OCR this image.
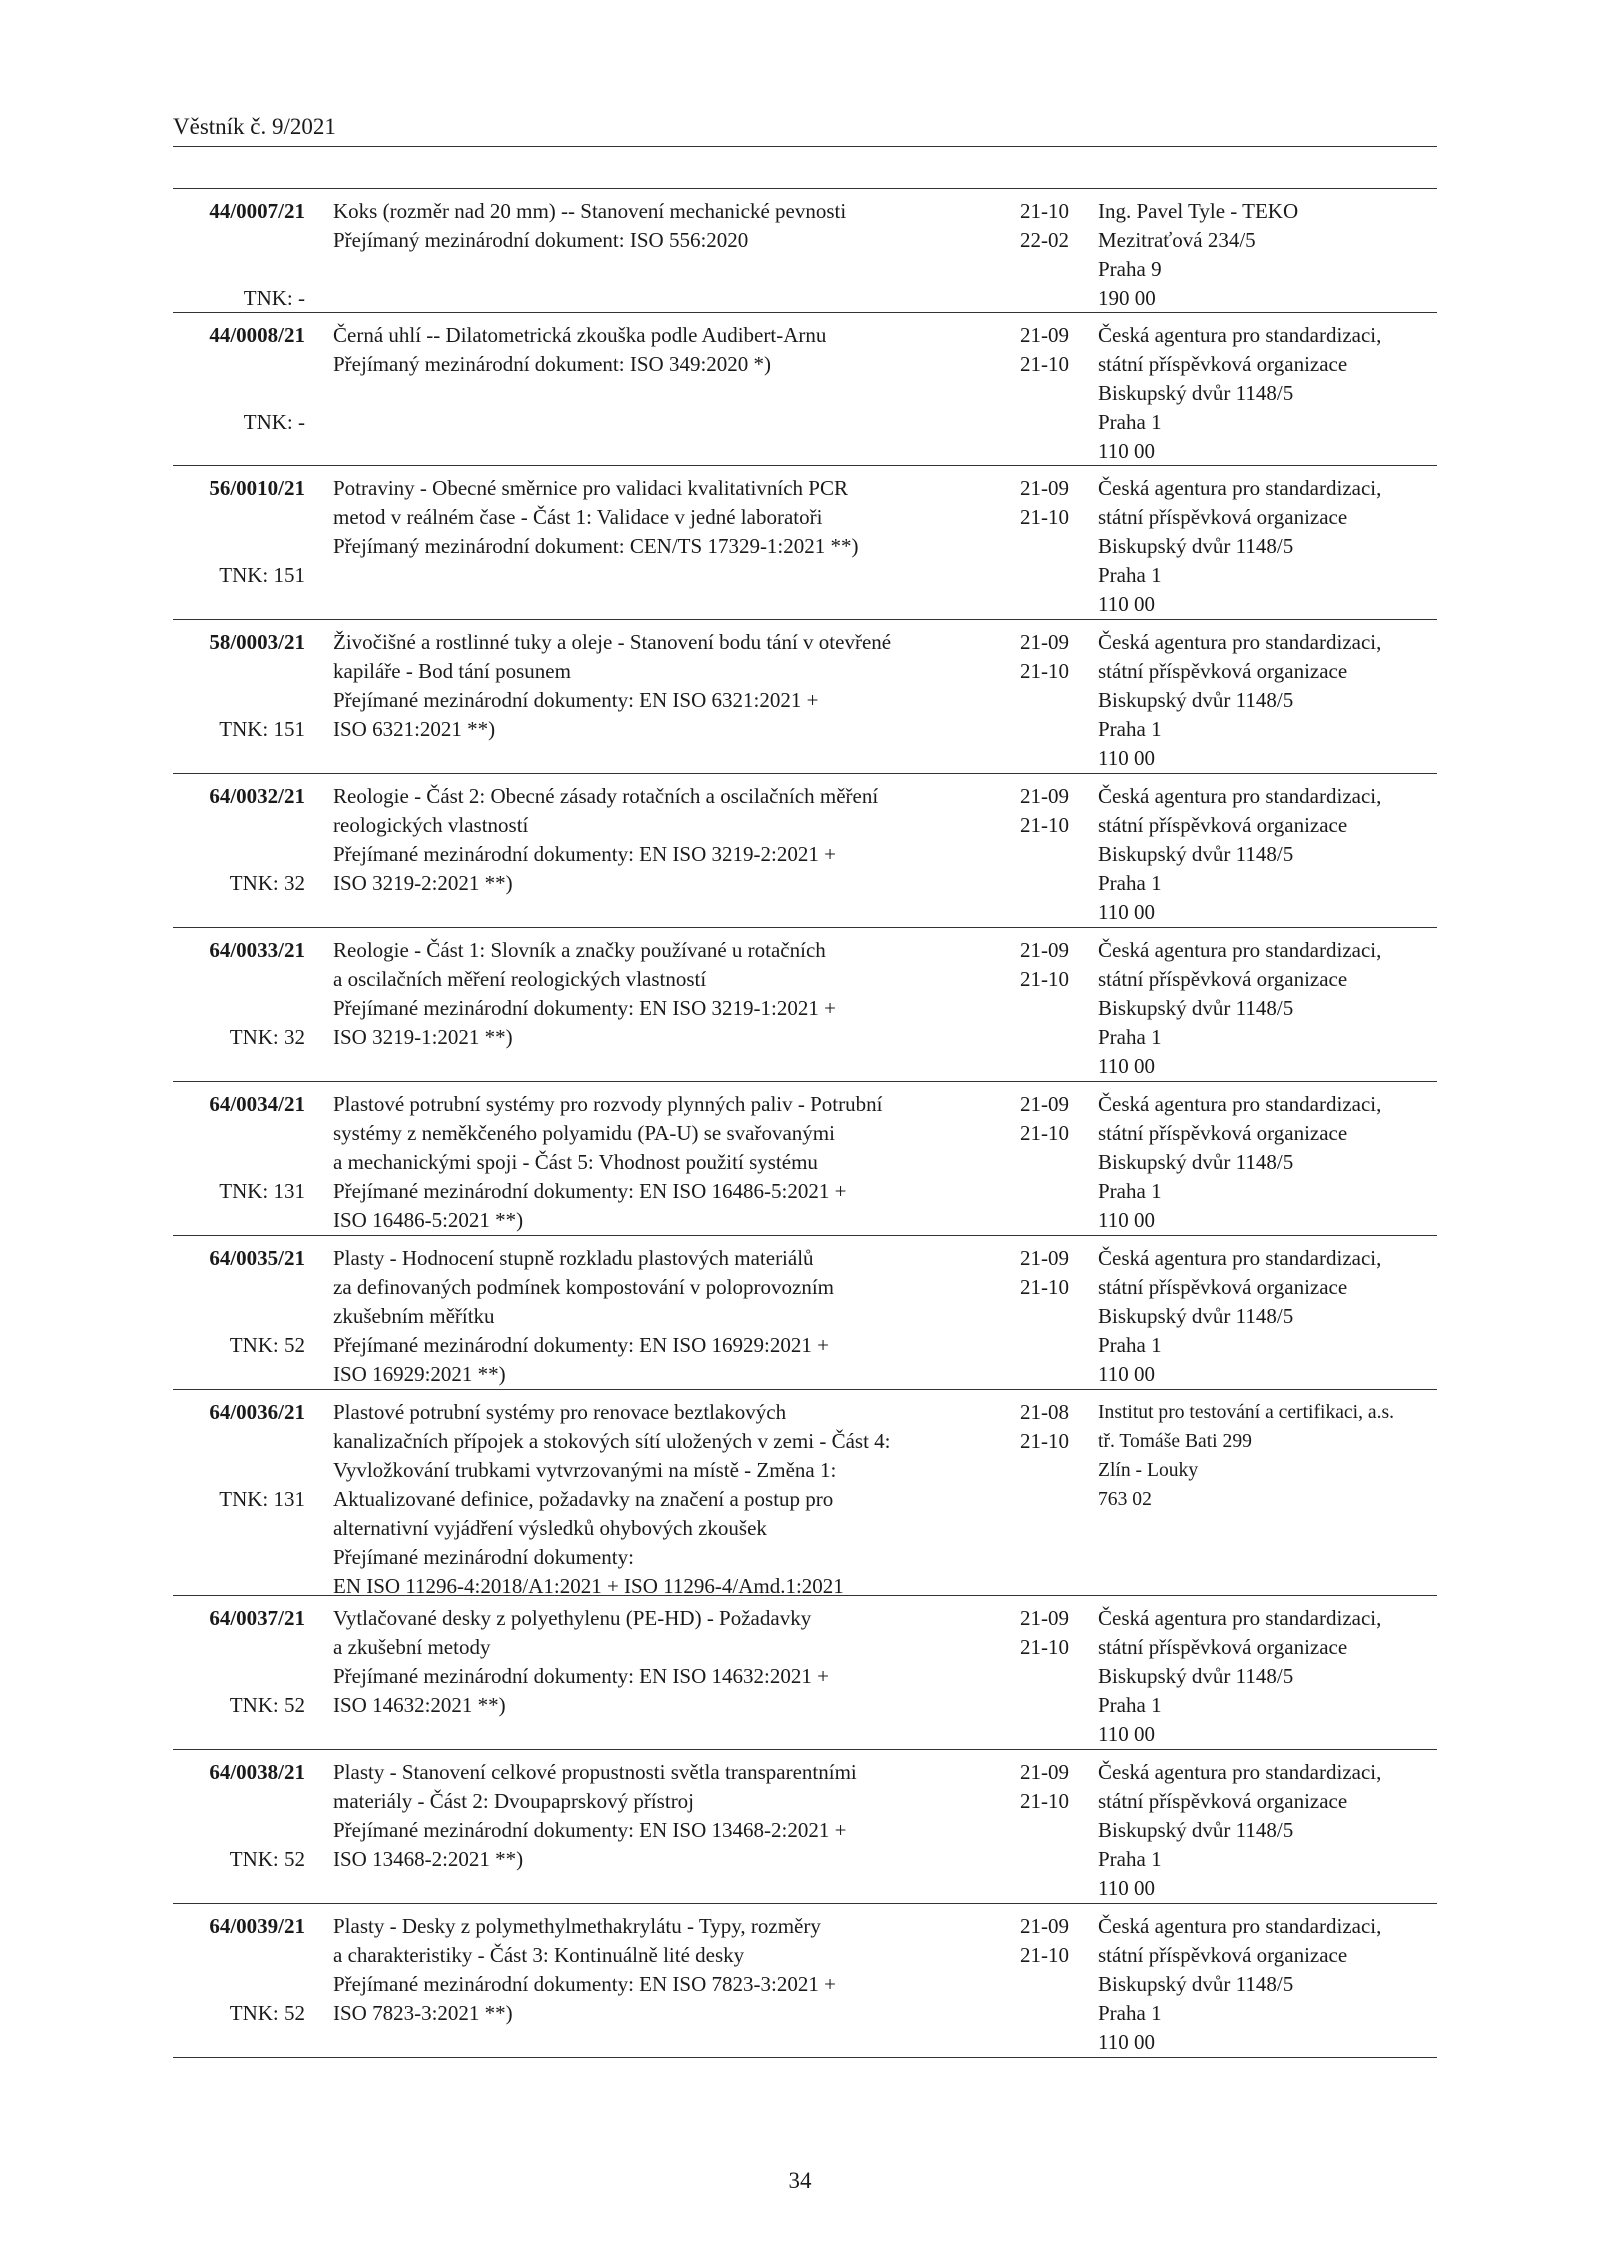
Věstník č. 9/2021
44/0007/21
TNK: -
Koks (rozměr nad 20 mm) -- Stanovení mechanické pevnosti
Přejímaný mezinárodní dokument: ISO 556:2020
21-10
22-02
Ing. Pavel Tyle - TEKO
Mezitraťová 234/5
Praha 9
190 00
44/0008/21
TNK: -
Černá uhlí -- Dilatometrická zkouška podle Audibert-Arnu
Přejímaný mezinárodní dokument: ISO 349:2020 *)
21-09
21-10
Česká agentura pro standardizaci,
státní příspěvková organizace
Biskupský dvůr 1148/5
Praha 1
110 00
56/0010/21
TNK: 151
Potraviny - Obecné směrnice pro validaci kvalitativních PCR
metod v reálném čase - Část 1: Validace v jedné laboratoři
Přejímaný mezinárodní dokument: CEN/TS 17329-1:2021 **)
21-09
21-10
Česká agentura pro standardizaci,
státní příspěvková organizace
Biskupský dvůr 1148/5
Praha 1
110 00
58/0003/21
TNK: 151
Živočišné a rostlinné tuky a oleje - Stanovení bodu tání v otevřené
kapiláře - Bod tání posunem
Přejímané mezinárodní dokumenty: EN ISO 6321:2021 +
ISO 6321:2021 **)
21-09
21-10
Česká agentura pro standardizaci,
státní příspěvková organizace
Biskupský dvůr 1148/5
Praha 1
110 00
64/0032/21
TNK: 32
Reologie - Část 2: Obecné zásady rotačních a oscilačních měření
reologických vlastností
Přejímané mezinárodní dokumenty: EN ISO 3219-2:2021 +
ISO 3219-2:2021 **)
21-09
21-10
Česká agentura pro standardizaci,
státní příspěvková organizace
Biskupský dvůr 1148/5
Praha 1
110 00
64/0033/21
TNK: 32
Reologie - Část 1: Slovník a značky používané u rotačních
a oscilačních měření reologických vlastností
Přejímané mezinárodní dokumenty: EN ISO 3219-1:2021 +
ISO 3219-1:2021 **)
21-09
21-10
Česká agentura pro standardizaci,
státní příspěvková organizace
Biskupský dvůr 1148/5
Praha 1
110 00
64/0034/21
TNK: 131
Plastové potrubní systémy pro rozvody plynných paliv - Potrubní
systémy z neměkčeného polyamidu (PA-U) se svařovanými
a mechanickými spoji - Část 5: Vhodnost použití systému
Přejímané mezinárodní dokumenty: EN ISO 16486-5:2021 +
ISO 16486-5:2021 **)
21-09
21-10
Česká agentura pro standardizaci,
státní příspěvková organizace
Biskupský dvůr 1148/5
Praha 1
110 00
64/0035/21
TNK: 52
Plasty - Hodnocení stupně rozkladu plastových materiálů
za definovaných podmínek kompostování v poloprovozním
zkušebním měřítku
Přejímané mezinárodní dokumenty: EN ISO 16929:2021 +
ISO 16929:2021 **)
21-09
21-10
Česká agentura pro standardizaci,
státní příspěvková organizace
Biskupský dvůr 1148/5
Praha 1
110 00
64/0036/21
TNK: 131
Plastové potrubní systémy pro renovace beztlakových
kanalizačních přípojek a stokových sítí uložených v zemi - Část 4:
Vyvložkování trubkami vytvrzovanými na místě - Změna 1:
Aktualizované definice, požadavky na značení a postup pro
alternativní vyjádření výsledků ohybových zkoušek
Přejímané mezinárodní dokumenty:
EN ISO 11296-4:2018/A1:2021 + ISO 11296-4/Amd.1:2021
21-08
21-10
Institut pro testování a certifikaci, a.s.
tř. Tomáše Bati 299
Zlín - Louky
763 02
64/0037/21
TNK: 52
Vytlačované desky z polyethylenu (PE-HD) - Požadavky
a zkušební metody
Přejímané mezinárodní dokumenty: EN ISO 14632:2021 +
ISO 14632:2021 **)
21-09
21-10
Česká agentura pro standardizaci,
státní příspěvková organizace
Biskupský dvůr 1148/5
Praha 1
110 00
64/0038/21
TNK: 52
Plasty - Stanovení celkové propustnosti světla transparentními
materiály - Část 2: Dvoupaprskový přístroj
Přejímané mezinárodní dokumenty: EN ISO 13468-2:2021 +
ISO 13468-2:2021 **)
21-09
21-10
Česká agentura pro standardizaci,
státní příspěvková organizace
Biskupský dvůr 1148/5
Praha 1
110 00
64/0039/21
TNK: 52
Plasty - Desky z polymethylmethakrylátu - Typy, rozměry
a charakteristiky - Část 3: Kontinuálně lité desky
Přejímané mezinárodní dokumenty: EN ISO 7823-3:2021 +
ISO 7823-3:2021 **)
21-09
21-10
Česká agentura pro standardizaci,
státní příspěvková organizace
Biskupský dvůr 1148/5
Praha 1
110 00
34
